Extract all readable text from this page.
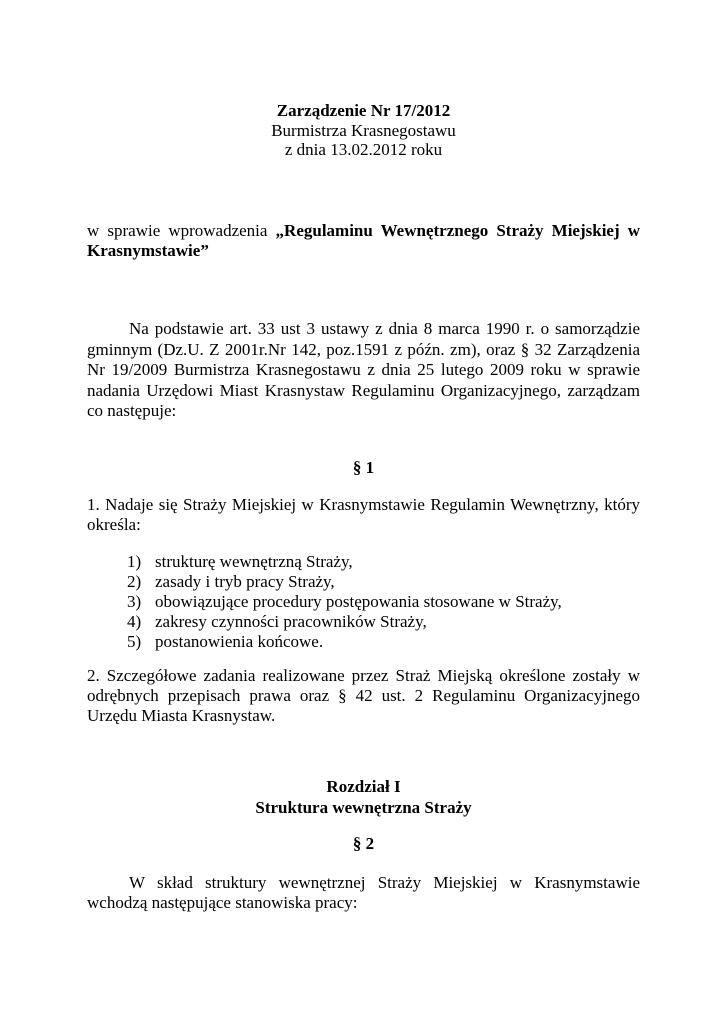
Zarządzenie Nr 17/2012
Burmistrza Krasnegostawu
z dnia 13.02.2012 roku

w sprawie wprowadzenia „Regulaminu Wewnętrznego Straży Miejskiej w Krasnymstawie”

Na podstawie art. 33 ust 3 ustawy z dnia 8 marca 1990 r. o samorządzie gminnym (Dz.U. Z 2001r.Nr 142, poz.1591 z późn. zm), oraz § 32 Zarządzenia Nr 19/2009 Burmistrza Krasnegostawu z dnia 25 lutego 2009 roku w sprawie nadania Urzędowi Miast Krasnystaw Regulaminu Organizacyjnego, zarządzam co następuje:

§ 1

1. Nadaje się Straży Miejskiej w Krasnymstawie Regulamin Wewnętrzny, który określa:

1) strukturę wewnętrzną Straży,
2) zasady i tryb pracy Straży,
3) obowiązujące procedury postępowania stosowane w Straży,
4) zakresy czynności pracowników Straży,
5) postanowienia końcowe.

2. Szczegółowe zadania realizowane przez Straż Miejską określone zostały w odrębnych przepisach prawa oraz § 42 ust. 2 Regulaminu Organizacyjnego Urzędu Miasta Krasnystaw.

Rozdział I
Struktura wewnętrzna Straży
§ 2

W skład struktury wewnętrznej Straży Miejskiej w Krasnymstawie wchodzą następujące stanowiska pracy:
